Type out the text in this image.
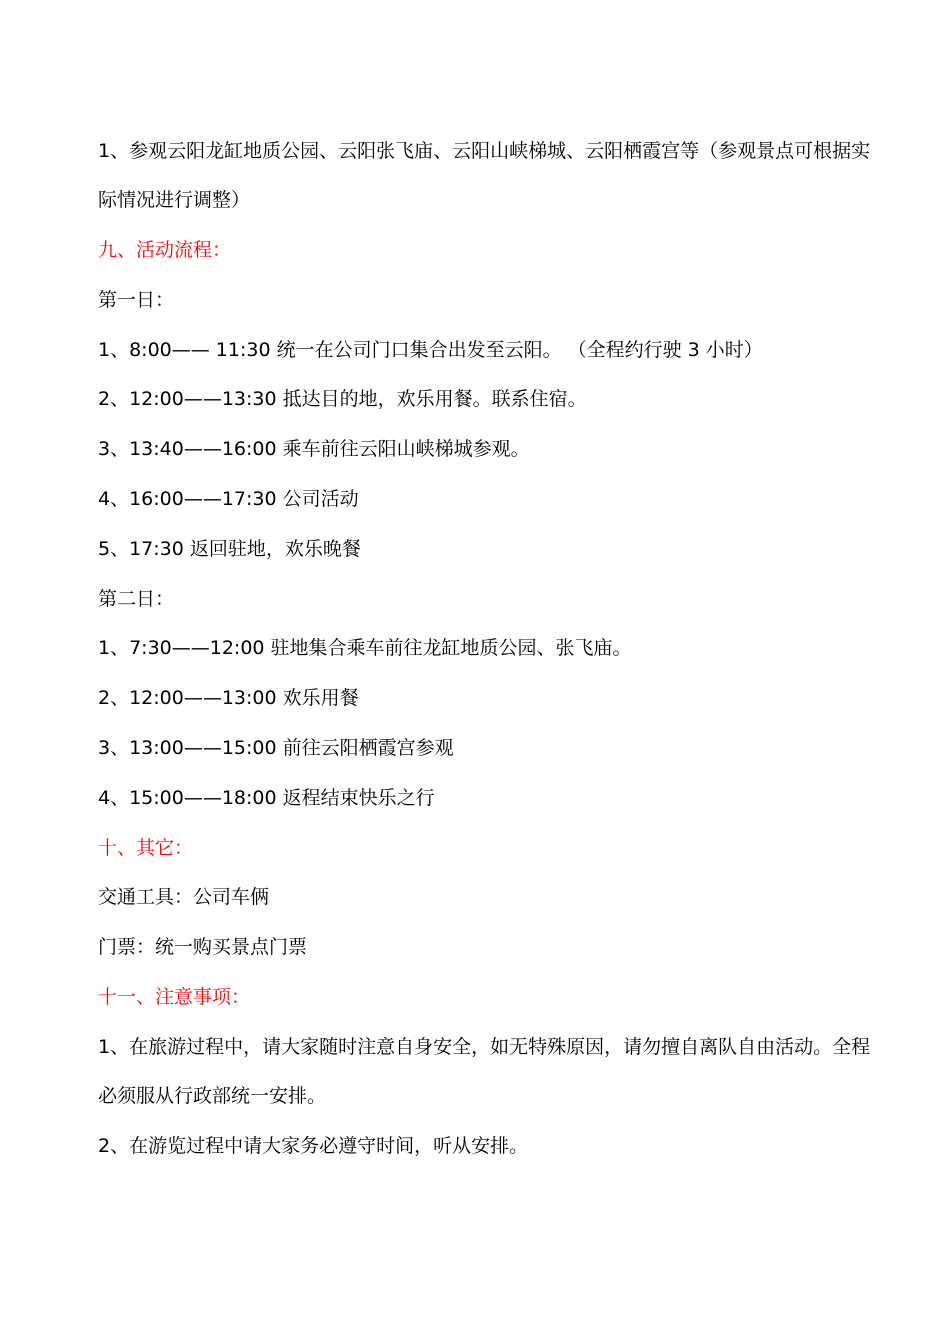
1、参观云阳龙缸地质公园、云阳张飞庙、云阳山峡梯城、云阳栖霞宫等（参观景点可根据实
际情况进行调整）
九、活动流程：
第一日：
1、8:00—— 11:30 统一在公司门口集合出发至云阳。 （全程约行驶 3 小时）
2、12:00——13:30 抵达目的地，欢乐用餐。联系住宿。
3、13:40——16:00 乘车前往云阳山峡梯城参观。
4、16:00——17:30 公司活动
5、17:30 返回驻地，欢乐晚餐
第二日：
1、7:30——12:00 驻地集合乘车前往龙缸地质公园、张飞庙。
2、12:00——13:00 欢乐用餐
3、13:00——15:00 前往云阳栖霞宫参观
4、15:00——18:00 返程结束快乐之行
十、其它：
交通工具：公司车俩
门票：统一购买景点门票
十一、注意事项：
1、在旅游过程中，请大家随时注意自身安全，如无特殊原因，请勿擅自离队自由活动。全程
必须服从行政部统一安排。
2、在游览过程中请大家务必遵守时间，听从安排。
